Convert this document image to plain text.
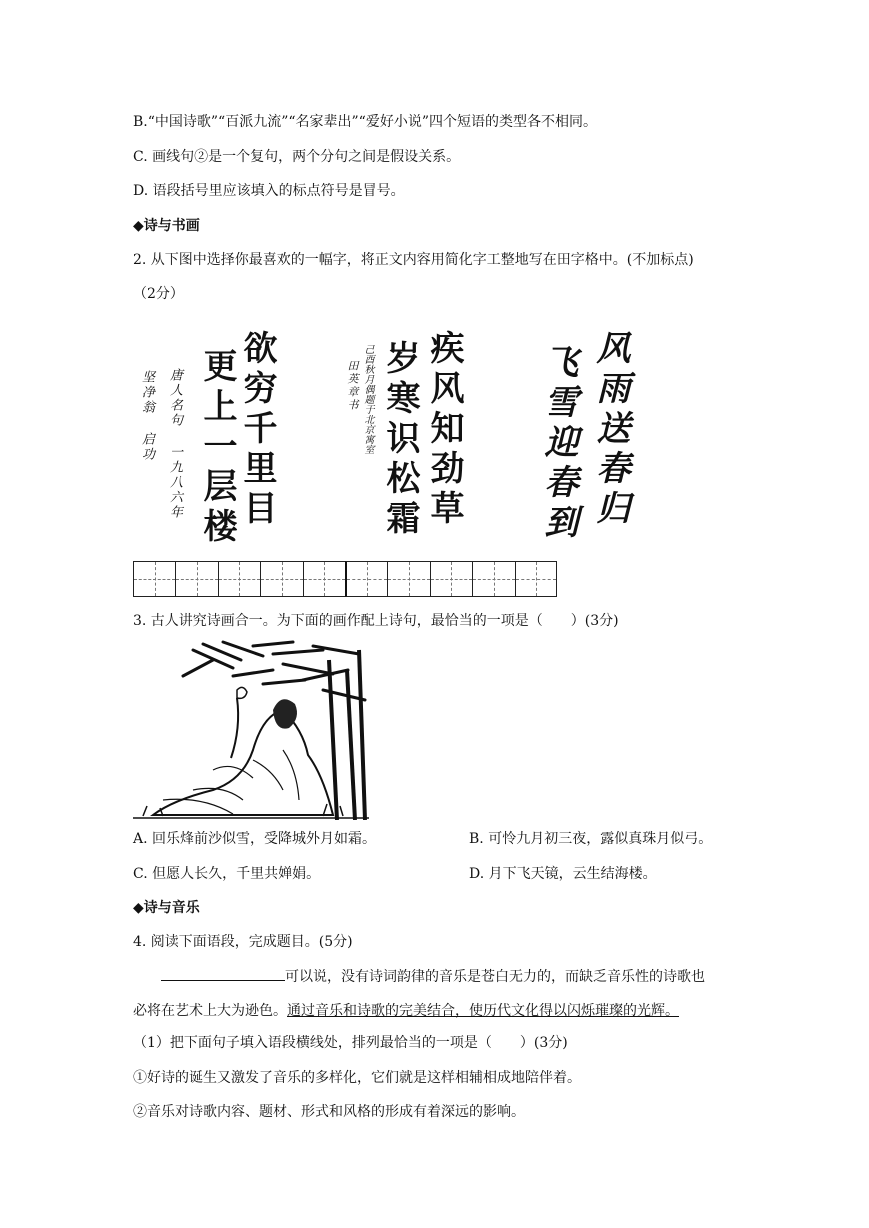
B.“中国诗歌”“百派九流”“名家辈出”“爱好小说”四个短语的类型各不相同。
C. 画线句②是一个复句，两个分句之间是假设关系。
D. 语段括号里应该填入的标点符号是冒号。
◆诗与书画
2. 从下图中选择你最喜欢的一幅字，将正文内容用简化字工整地写在田字格中。(不加标点)
（2分）
欲穷千里目
更上一层楼
唐人名句 一九八六年
坚净翁 启功	疾风知劲草
岁寒识松霜
己酉秋月偶题于北京寓室
田英章书	风雨送春归
飞雪迎春到
3. 古人讲究诗画合一。为下面的画作配上诗句，最恰当的一项是（　　）(3分)
A. 回乐烽前沙似雪，受降城外月如霜。	B. 可怜九月初三夜，露似真珠月似弓。
C. 但愿人长久，千里共婵娟。	D. 月下飞天镜，云生结海楼。
◆诗与音乐
4. 阅读下面语段，完成题目。(5分)
可以说，没有诗词韵律的音乐是苍白无力的，而缺乏音乐性的诗歌也
必将在艺术上大为逊色。通过音乐和诗歌的完美结合，使历代文化得以闪烁璀璨的光辉。
（1）把下面句子填入语段横线处，排列最恰当的一项是（　　）(3分)
①好诗的诞生又激发了音乐的多样化，它们就是这样相辅相成地陪伴着。
②音乐对诗歌内容、题材、形式和风格的形成有着深远的影响。
